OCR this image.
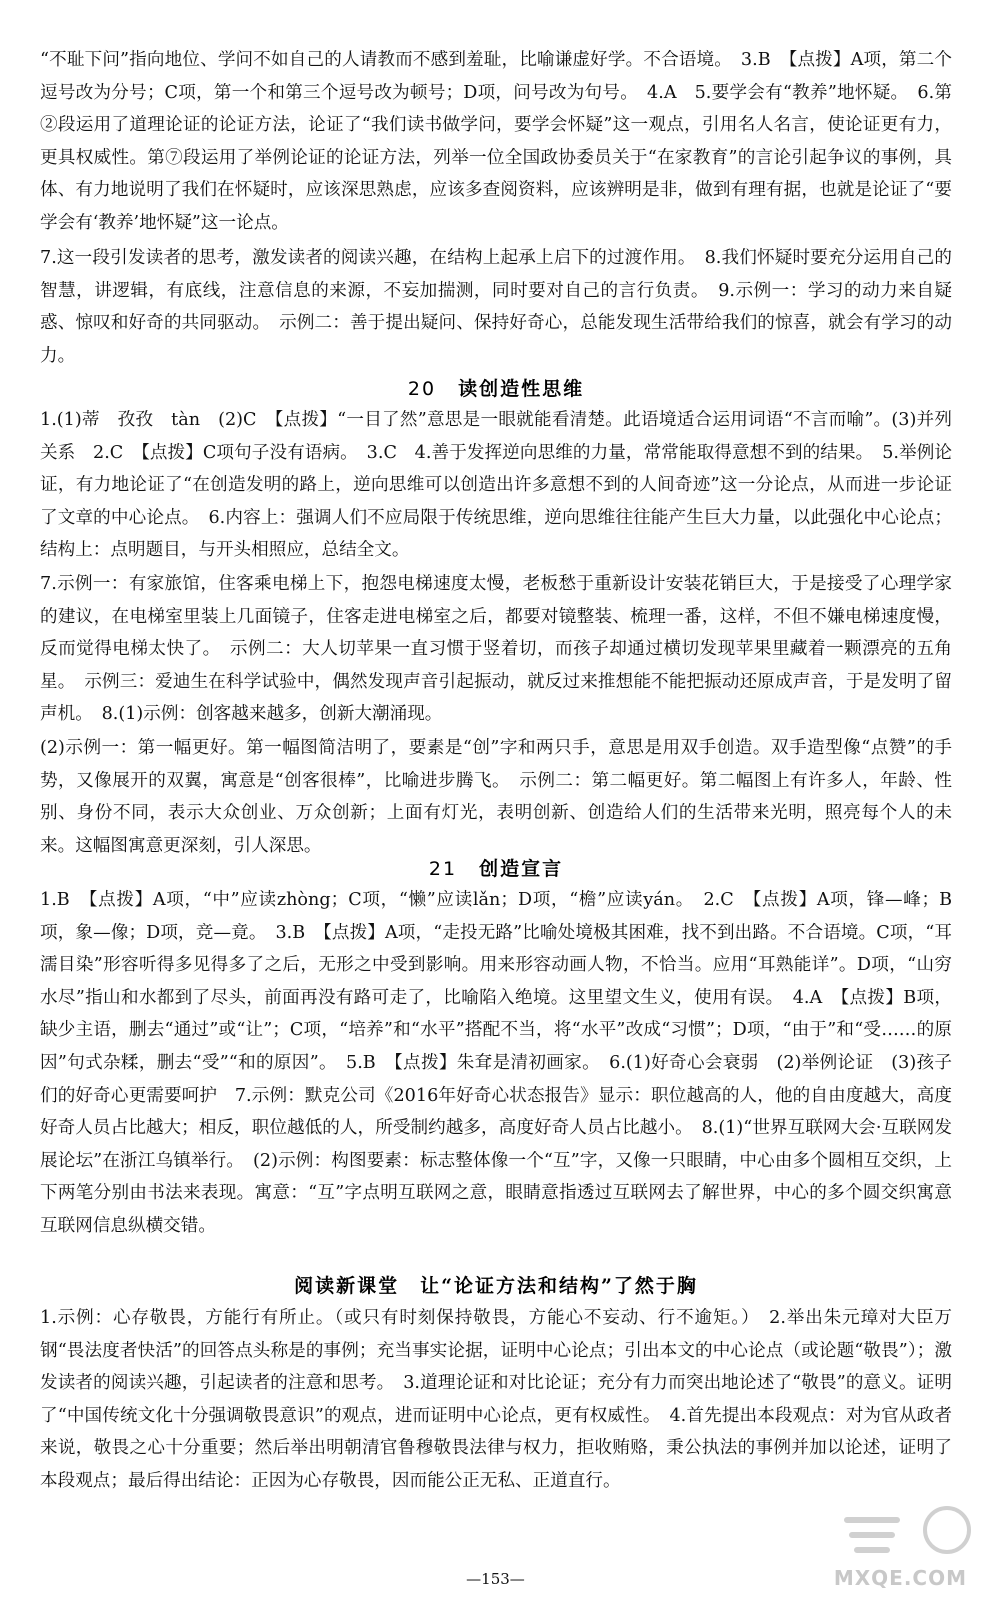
“不耻下问”指向地位、学问不如自己的人请教而不感到羞耻，比喻谦虚好学。不合语境。　3.B　【点拨】A项，第二个逗号改为分号；C项，第一个和第三个逗号改为顿号；D项，问号改为句号。　4.A　5.要学会有“教养”地怀疑。　6.第②段运用了道理论证的论证方法，论证了“我们读书做学问，要学会怀疑”这一观点，引用名人名言，使论证更有力，更具权威性。第⑦段运用了举例论证的论证方法，列举一位全国政协委员关于“在家教育”的言论引起争议的事例，具体、有力地说明了我们在怀疑时，应该深思熟虑，应该多查阅资料，应该辨明是非，做到有理有据，也就是论证了“要学会有‘教养’地怀疑”这一论点。

7.这一段引发读者的思考，激发读者的阅读兴趣，在结构上起承上启下的过渡作用。　8.我们怀疑时要充分运用自己的智慧，讲逻辑，有底线，注意信息的来源，不妄加揣测，同时要对自己的言行负责。　9.示例一：学习的动力来自疑惑、惊叹和好奇的共同驱动。　示例二：善于提出疑问、保持好奇心，总能发现生活带给我们的惊喜，就会有学习的动力。

20 读创造性思维

1.(1)蒂　孜孜　tàn　(2)C　【点拨】“一目了然”意思是一眼就能看清楚。此语境适合运用词语“不言而喻”。(3)并列关系　2.C　【点拨】C项句子没有语病。　3.C　4.善于发挥逆向思维的力量，常常能取得意想不到的结果。　5.举例论证，有力地论证了“在创造发明的路上，逆向思维可以创造出许多意想不到的人间奇迹”这一分论点，从而进一步论证了文章的中心论点。　6.内容上：强调人们不应局限于传统思维，逆向思维往往能产生巨大力量，以此强化中心论点；结构上：点明题目，与开头相照应，总结全文。

7.示例一：有家旅馆，住客乘电梯上下，抱怨电梯速度太慢，老板愁于重新设计安装花销巨大，于是接受了心理学家的建议，在电梯室里装上几面镜子，住客走进电梯室之后，都要对镜整装、梳理一番，这样，不但不嫌电梯速度慢，反而觉得电梯太快了。　示例二：大人切苹果一直习惯于竖着切，而孩子却通过横切发现苹果里藏着一颗漂亮的五角星。　示例三：爱迪生在科学试验中，偶然发现声音引起振动，就反过来推想能不能把振动还原成声音，于是发明了留声机。　8.(1)示例：创客越来越多，创新大潮涌现。

(2)示例一：第一幅更好。第一幅图简洁明了，要素是“创”字和两只手，意思是用双手创造。双手造型像“点赞”的手势，又像展开的双翼，寓意是“创客很棒”，比喻进步腾飞。　示例二：第二幅更好。第二幅图上有许多人，年龄、性别、身份不同，表示大众创业、万众创新；上面有灯光，表明创新、创造给人们的生活带来光明，照亮每个人的未来。这幅图寓意更深刻，引人深思。

21 创造宣言

1.B　【点拨】A项，“中”应读zhòng；C项，“懒”应读lǎn；D项，“檐”应读yán。　2.C　【点拨】A项，锋—峰；B项，象—像；D项，竞—竟。　3.B　【点拨】A项，“走投无路”比喻处境极其困难，找不到出路。不合语境。C项，“耳濡目染”形容听得多见得多了之后，无形之中受到影响。用来形容动画人物，不恰当。应用“耳熟能详”。D项，“山穷水尽”指山和水都到了尽头，前面再没有路可走了，比喻陷入绝境。这里望文生义，使用有误。　4.A　【点拨】B项，缺少主语，删去“通过”或“让”；C项，“培养”和“水平”搭配不当，将“水平”改成“习惯”；D项，“由于”和“受……的原因”句式杂糅，删去“受”“和的原因”。　5.B　【点拨】朱耷是清初画家。　6.(1)好奇心会衰弱　(2)举例论证　(3)孩子们的好奇心更需要呵护　7.示例：默克公司《2016年好奇心状态报告》显示：职位越高的人，他的自由度越大，高度好奇人员占比越大；相反，职位越低的人，所受制约越多，高度好奇人员占比越小。　8.(1)“世界互联网大会·互联网发展论坛”在浙江乌镇举行。　(2)示例：构图要素：标志整体像一个“互”字，又像一只眼睛，中心由多个圆相互交织，上下两笔分别由书法来表现。寓意：“互”字点明互联网之意，眼睛意指透过互联网去了解世界，中心的多个圆交织寓意互联网信息纵横交错。

阅读新课堂　让“论证方法和结构”了然于胸

1.示例：心存敬畏，方能行有所止。（或只有时刻保持敬畏，方能心不妄动、行不逾矩。）　2.举出朱元璋对大臣万钢“畏法度者快活”的回答点头称是的事例；充当事实论据，证明中心论点；引出本文的中心论点（或论题“敬畏”）；激发读者的阅读兴趣，引起读者的注意和思考。　3.道理论证和对比论证；充分有力而突出地论述了“敬畏”的意义。证明了“中国传统文化十分强调敬畏意识”的观点，进而证明中心论点，更有权威性。　4.首先提出本段观点：对为官从政者来说，敬畏之心十分重要；然后举出明朝清官鲁穆敬畏法律与权力，拒收贿赂，秉公执法的事例并加以论述，证明了本段观点；最后得出结论：正因为心存敬畏，因而能公正无私、正道直行。

—153—	MXQE.COM
